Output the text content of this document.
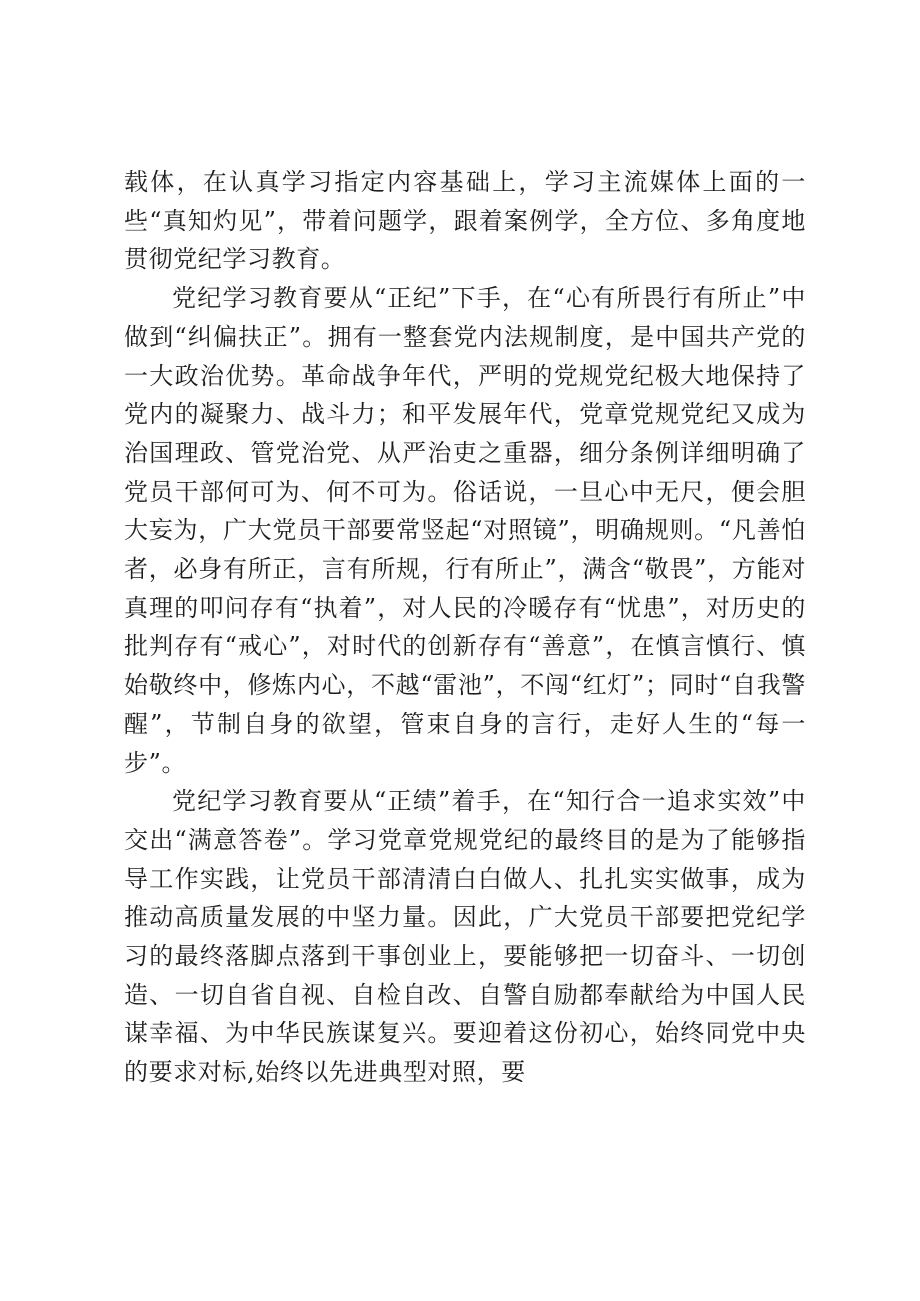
载体，在认真学习指定内容基础上，学习主流媒体上面的一些“真知灼见”，带着问题学，跟着案例学，全方位、多角度地贯彻党纪学习教育。

党纪学习教育要从“正纪”下手，在“心有所畏行有所止”中做到“纠偏扶正”。拥有一整套党内法规制度，是中国共产党的一大政治优势。革命战争年代，严明的党规党纪极大地保持了党内的凝聚力、战斗力；和平发展年代，党章党规党纪又成为治国理政、管党治党、从严治吏之重器，细分条例详细明确了党员干部何可为、何不可为。俗话说，一旦心中无尺，便会胆大妄为，广大党员干部要常竖起“对照镜”，明确规则。“凡善怕者，必身有所正，言有所规，行有所止”，满含“敬畏”，方能对真理的叩问存有“执着”，对人民的冷暖存有“忧患”，对历史的批判存有“戒心”，对时代的创新存有“善意”，在慎言慎行、慎始敬终中，修炼内心，不越“雷池”，不闯“红灯”；同时“自我警醒”，节制自身的欲望，管束自身的言行，走好人生的“每一步”。

党纪学习教育要从“正绩”着手，在“知行合一追求实效”中交出“满意答卷”。学习党章党规党纪的最终目的是为了能够指导工作实践，让党员干部清清白白做人、扎扎实实做事，成为推动高质量发展的中坚力量。因此，广大党员干部要把党纪学习的最终落脚点落到干事创业上，要能够把一切奋斗、一切创造、一切自省自视、自检自改、自警自励都奉献给为中国人民谋幸福、为中华民族谋复兴。要迎着这份初心，始终同党中央的要求对标,始终以先进典型对照，要
